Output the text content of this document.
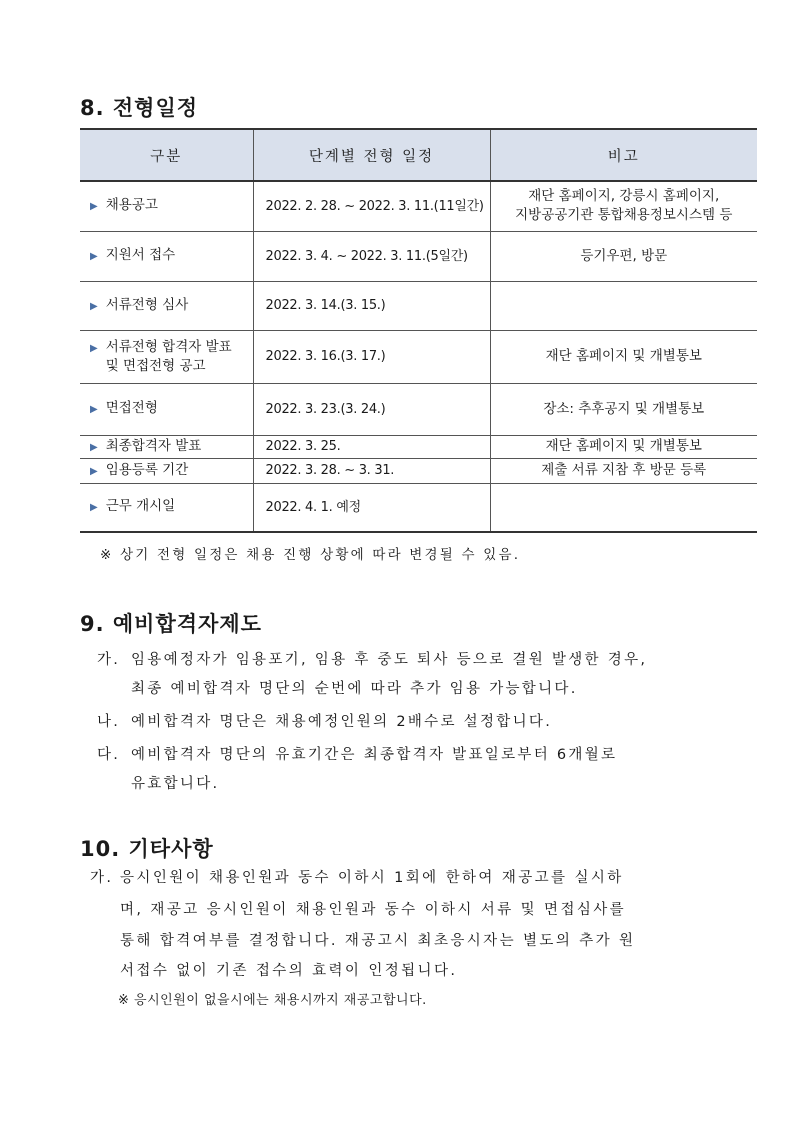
8. 전형일정
구분	단계별 전형 일정	비고
▶ 채용공고	2022. 2. 28. ~ 2022. 3. 11.(11일간)	재단 홈페이지, 강릉시 홈페이지,
지방공공기관 통합채용정보시스템 등

▶ 지원서 접수	2022. 3. 4. ~ 2022. 3. 11.(5일간)	등기우편, 방문
▶ 서류전형 심사	2022. 3. 14.(3. 15.)	

▶ 서류전형 합격자 발표
및 면접전형 공고	2022. 3. 16.(3. 17.)	재단 홈페이지 및 개별통보
▶ 면접전형	2022. 3. 23.(3. 24.)	장소: 추후공지 및 개별통보
▶ 최종합격자 발표	2022. 3. 25.	재단 홈페이지 및 개별통보
▶ 임용등록 기간	2022. 3. 28. ~ 3. 31.	제출 서류 지참 후 방문 등록
▶ 근무 개시일	2022. 4. 1. 예정	
※ 상기 전형 일정은 채용 진행 상황에 따라 변경될 수 있음.
9. 예비합격자제도
가. 임용예정자가 임용포기, 임용 후 중도 퇴사 등으로 결원 발생한 경우,
최종 예비합격자 명단의 순번에 따라 추가 임용 가능합니다.
나. 예비합격자 명단은 채용예정인원의 2배수로 설정합니다.
다. 예비합격자 명단의 유효기간은 최종합격자 발표일로부터 6개월로
유효합니다.
10. 기타사항
가. 응시인원이 채용인원과 동수 이하시 1회에 한하여 재공고를 실시하
며, 재공고 응시인원이 채용인원과 동수 이하시 서류 및 면접심사를
통해 합격여부를 결정합니다. 재공고시 최초응시자는 별도의 추가 원
서접수 없이 기존 접수의 효력이 인정됩니다.
※ 응시인원이 없을시에는 채용시까지 재공고합니다.
